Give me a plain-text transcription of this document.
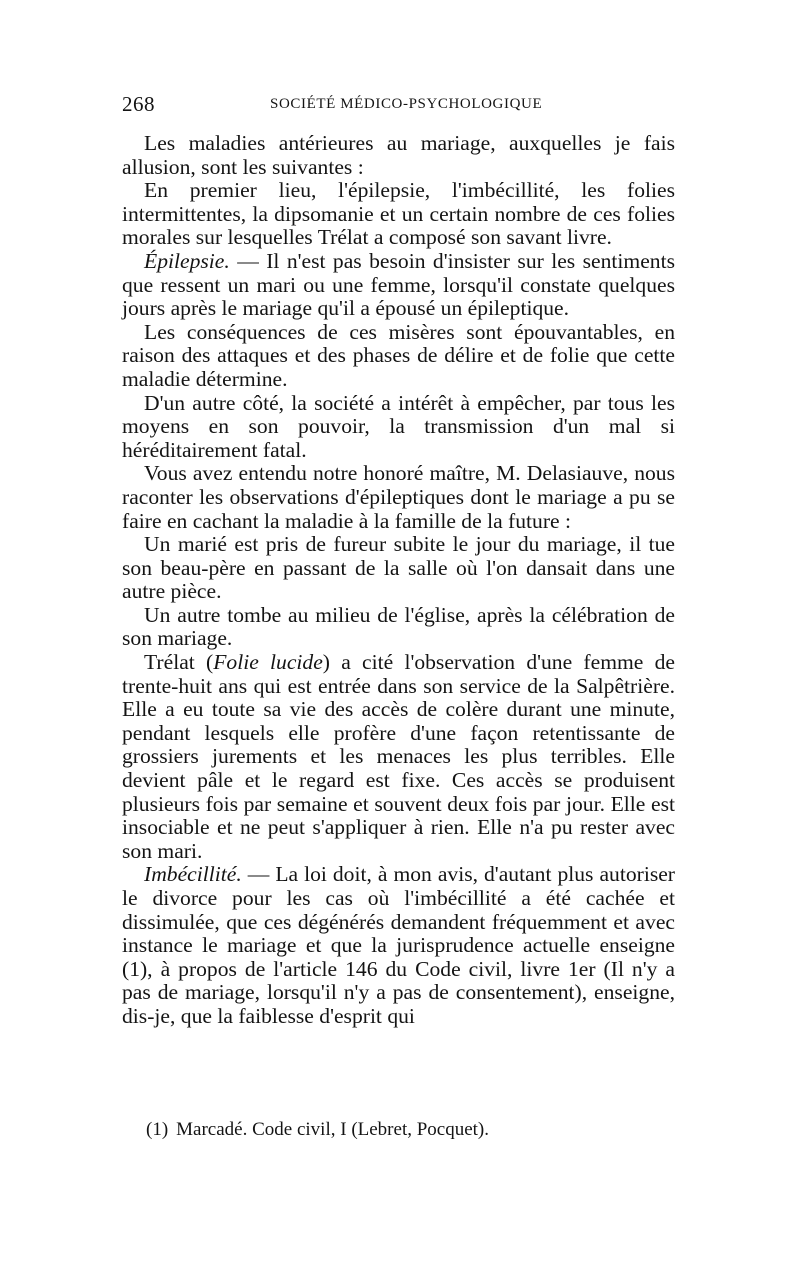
268	SOCIÉTÉ MÉDICO-PSYCHOLOGIQUE

Les maladies antérieures au mariage, auxquelles je fais allusion, sont les suivantes :

En premier lieu, l'épilepsie, l'imbécillité, les folies intermittentes, la dipsomanie et un certain nombre de ces folies morales sur lesquelles Trélat a composé son savant livre.

Épilepsie. — Il n'est pas besoin d'insister sur les sentiments que ressent un mari ou une femme, lorsqu'il constate quelques jours après le mariage qu'il a épousé un épileptique.

Les conséquences de ces misères sont épouvantables, en raison des attaques et des phases de délire et de folie que cette maladie détermine.

D'un autre côté, la société a intérêt à empêcher, par tous les moyens en son pouvoir, la transmission d'un mal si héréditairement fatal.

Vous avez entendu notre honoré maître, M. Delasiauve, nous raconter les observations d'épileptiques dont le mariage a pu se faire en cachant la maladie à la famille de la future :

Un marié est pris de fureur subite le jour du mariage, il tue son beau-père en passant de la salle où l'on dansait dans une autre pièce.

Un autre tombe au milieu de l'église, après la célébration de son mariage.

Trélat (Folie lucide) a cité l'observation d'une femme de trente-huit ans qui est entrée dans son service de la Salpêtrière. Elle a eu toute sa vie des accès de colère durant une minute, pendant lesquels elle profère d'une façon retentissante de grossiers jurements et les menaces les plus terribles. Elle devient pâle et le regard est fixe. Ces accès se produisent plusieurs fois par semaine et souvent deux fois par jour. Elle est insociable et ne peut s'appliquer à rien. Elle n'a pu rester avec son mari.

Imbécillité. — La loi doit, à mon avis, d'autant plus autoriser le divorce pour les cas où l'imbécillité a été cachée et dissimulée, que ces dégénérés demandent fréquemment et avec instance le mariage et que la jurisprudence actuelle enseigne (1), à propos de l'article 146 du Code civil, livre 1er (Il n'y a pas de mariage, lorsqu'il n'y a pas de consentement), enseigne, dis-je, que la faiblesse d'esprit qui

(1) Marcadé. Code civil, I (Lebret, Pocquet).
